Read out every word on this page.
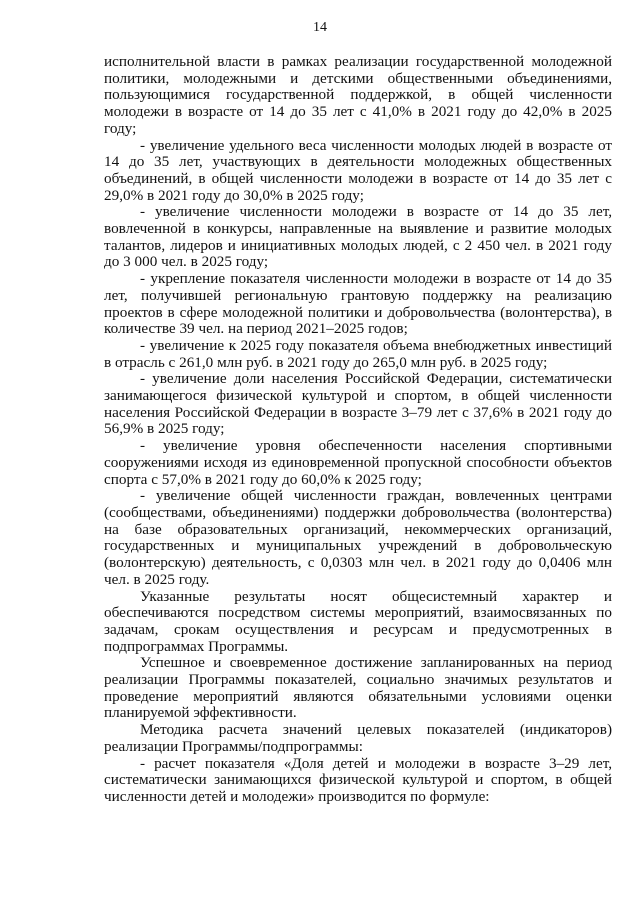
14

исполнительной власти в рамках реализации государственной молодежной политики, молодежными и детскими общественными объединениями, пользующимися государственной поддержкой, в общей численности молодежи в возрасте от 14 до 35 лет с 41,0% в 2021 году до 42,0% в 2025 году;

- увеличение удельного веса численности молодых людей в возрасте от 14 до 35 лет, участвующих в деятельности молодежных общественных объединений, в общей численности молодежи в возрасте от 14 до 35 лет с 29,0% в 2021 году до 30,0% в 2025 году;

- увеличение численности молодежи в возрасте от 14 до 35 лет, вовлеченной в конкурсы, направленные на выявление и развитие молодых талантов, лидеров и инициативных молодых людей, с 2 450 чел. в 2021 году до 3 000 чел. в 2025 году;

- укрепление показателя численности молодежи в возрасте от 14 до 35 лет, получившей региональную грантовую поддержку на реализацию проектов в сфере молодежной политики и добровольчества (волонтерства), в количестве 39 чел. на период 2021–2025 годов;

- увеличение к 2025 году показателя объема внебюджетных инвестиций в отрасль с 261,0 млн руб. в 2021 году до 265,0 млн руб. в 2025 году;

- увеличение доли населения Российской Федерации, систематически занимающегося физической культурой и спортом, в общей численности населения Российской Федерации в возрасте 3–79 лет с 37,6% в 2021 году до 56,9% в 2025 году;

- увеличение уровня обеспеченности населения спортивными сооружениями исходя из единовременной пропускной способности объектов спорта с 57,0% в 2021 году до 60,0% к 2025 году;

- увеличение общей численности граждан, вовлеченных центрами (сообществами, объединениями) поддержки добровольчества (волонтерства) на базе образовательных организаций, некоммерческих организаций, государственных и муниципальных учреждений в добровольческую (волонтерскую) деятельность, с 0,0303 млн чел. в 2021 году до 0,0406 млн чел. в 2025 году.

Указанные результаты носят общесистемный характер и обеспечиваются посредством системы мероприятий, взаимосвязанных по задачам, срокам осуществления и ресурсам и предусмотренных в подпрограммах Программы.

Успешное и своевременное достижение запланированных на период реализации Программы показателей, социально значимых результатов и проведение мероприятий являются обязательными условиями оценки планируемой эффективности.

Методика расчета значений целевых показателей (индикаторов) реализации Программы/подпрограммы:

- расчет показателя «Доля детей и молодежи в возрасте 3–29 лет, систематически занимающихся физической культурой и спортом, в общей численности детей и молодежи» производится по формуле:
